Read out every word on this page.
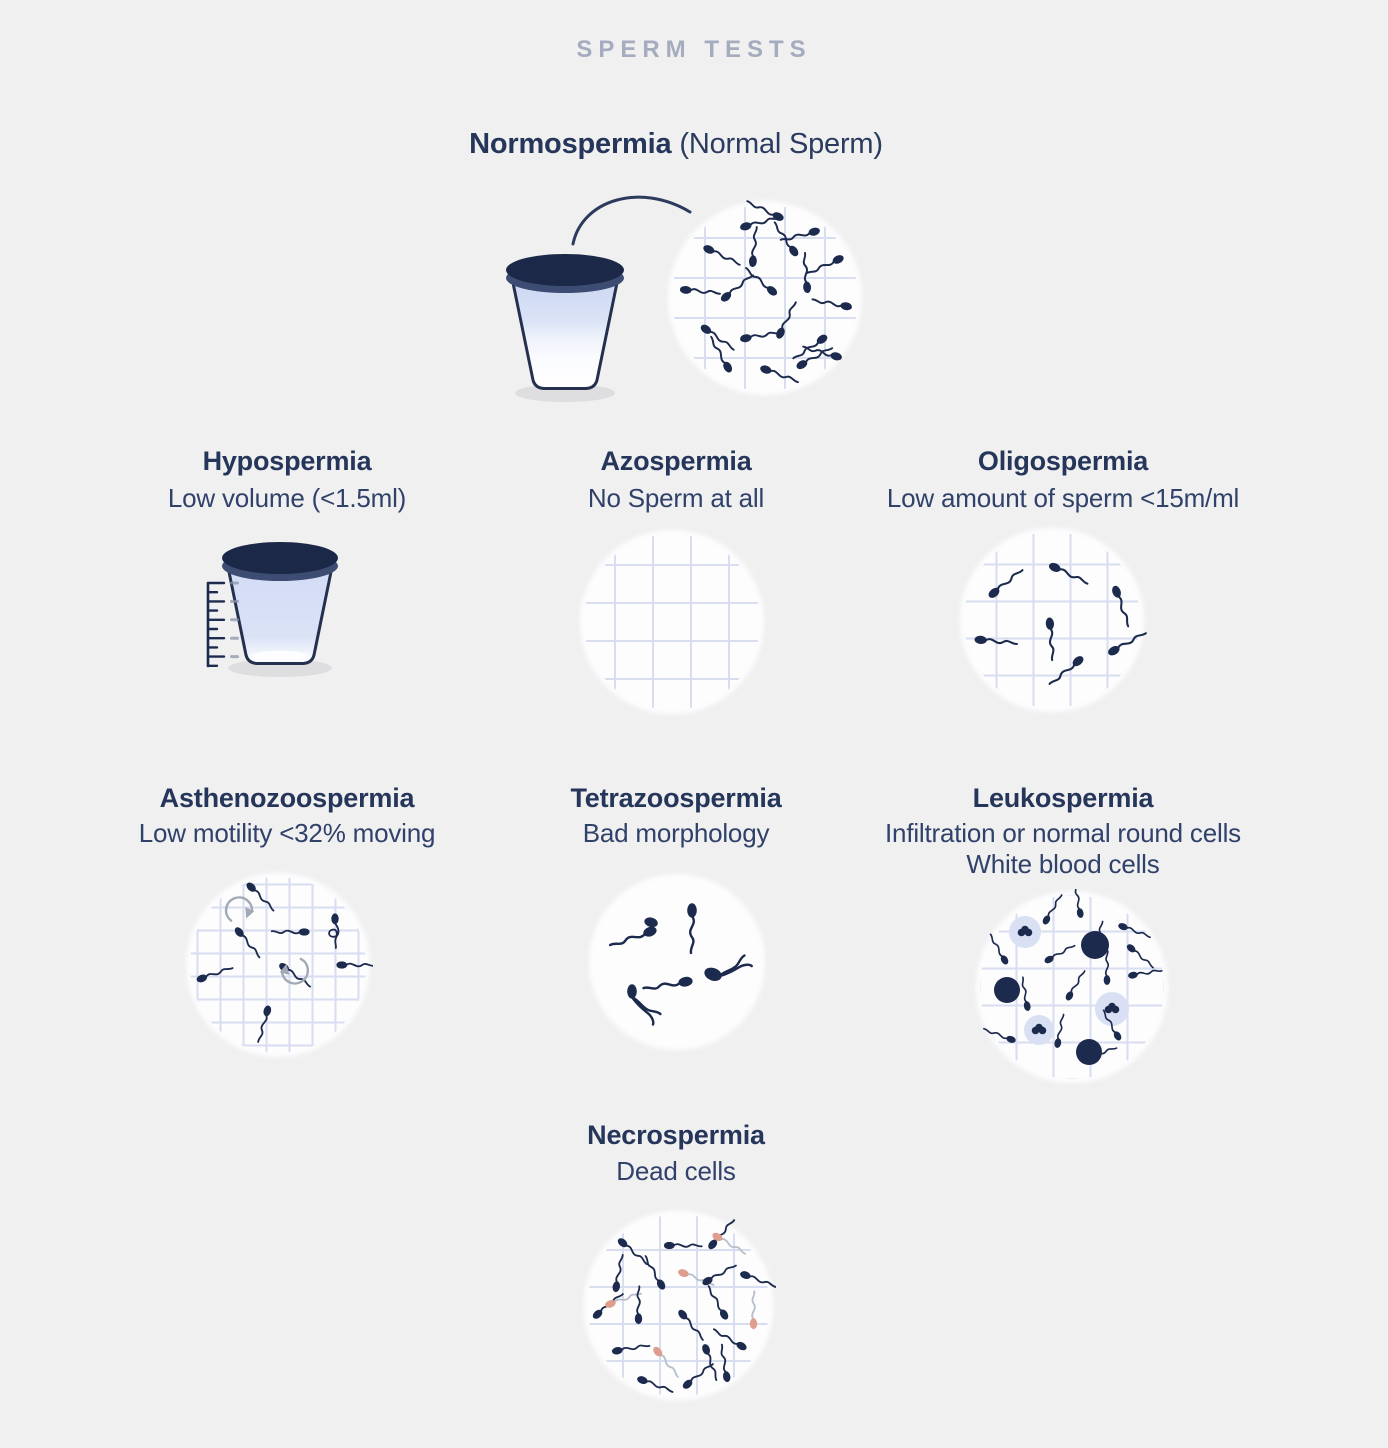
SPERM TESTS
Normospermia (Normal Sperm)
Hypospermia
Low volume (<1.5ml)
Azospermia
No Sperm at all
Oligospermia
Low amount of sperm <15m/ml
Asthenozoospermia
Low motility <32% moving
Tetrazoospermia
Bad morphology
Leukospermia
Infiltration or normal round cells
White blood cells
Necrospermia
Dead cells
